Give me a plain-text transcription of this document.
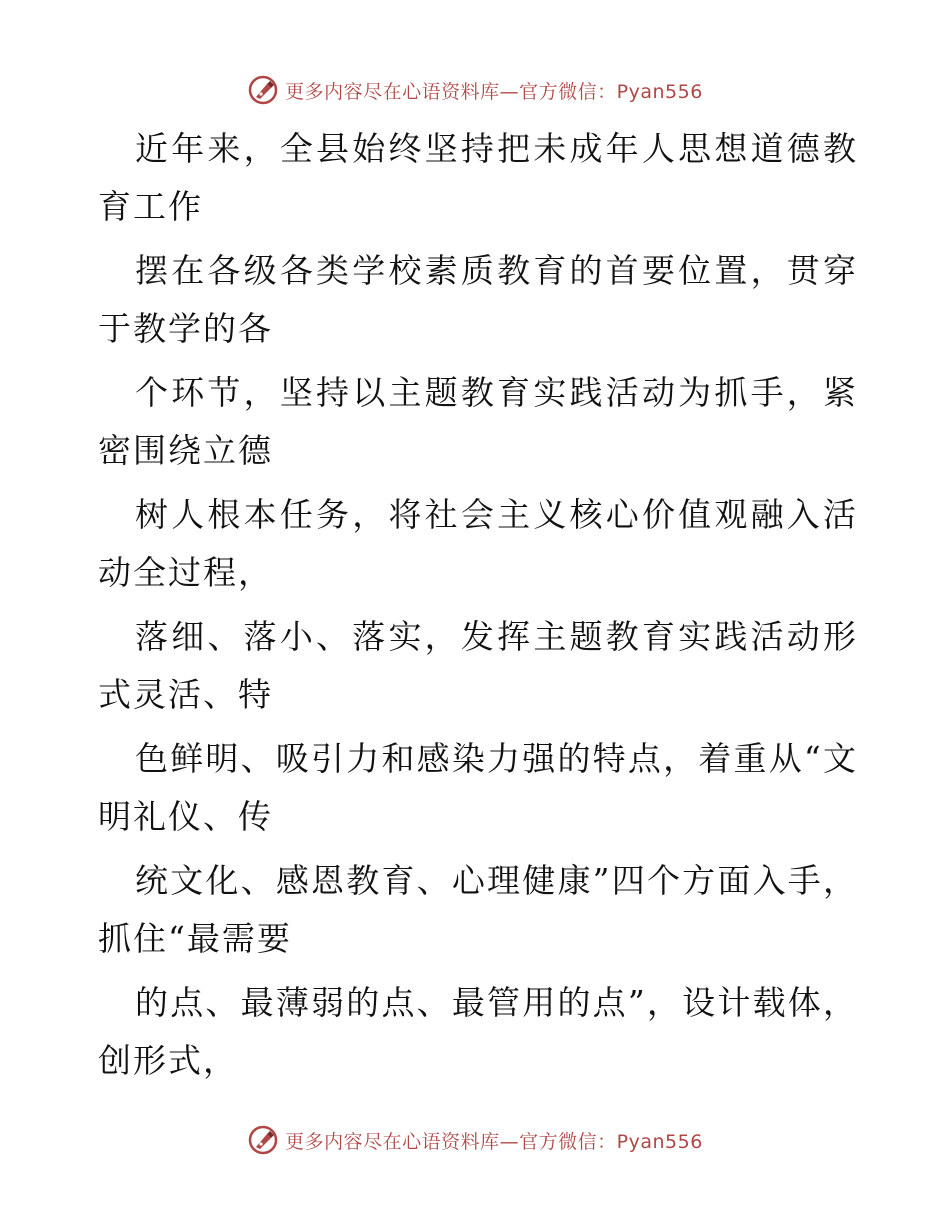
更多内容尽在心语资料库—官方微信：Pyan556

近年来，全县始终坚持把未成年人思想道德教育工作

摆在各级各类学校素质教育的首要位置，贯穿于教学的各

个环节，坚持以主题教育实践活动为抓手，紧密围绕立德

树人根本任务，将社会主义核心价值观融入活动全过程，

落细、落小、落实，发挥主题教育实践活动形式灵活、特

色鲜明、吸引力和感染力强的特点，着重从“文明礼仪、传

统文化、感恩教育、心理健康”四个方面入手，抓住“最需要

的点、最薄弱的点、最管用的点”，设计载体，创形式，

更多内容尽在心语资料库—官方微信：Pyan556
